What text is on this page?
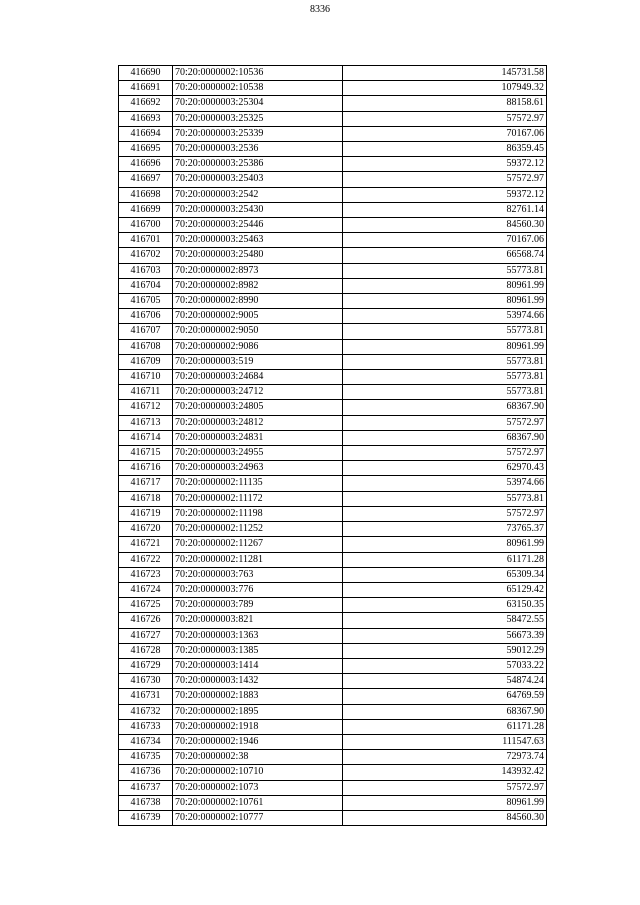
8336
416690	70:20:0000002:10536	145731.58
416691	70:20:0000002:10538	107949.32
416692	70:20:0000003:25304	88158.61
416693	70:20:0000003:25325	57572.97
416694	70:20:0000003:25339	70167.06
416695	70:20:0000003:2536	86359.45
416696	70:20:0000003:25386	59372.12
416697	70:20:0000003:25403	57572.97
416698	70:20:0000003:2542	59372.12
416699	70:20:0000003:25430	82761.14
416700	70:20:0000003:25446	84560.30
416701	70:20:0000003:25463	70167.06
416702	70:20:0000003:25480	66568.74
416703	70:20:0000002:8973	55773.81
416704	70:20:0000002:8982	80961.99
416705	70:20:0000002:8990	80961.99
416706	70:20:0000002:9005	53974.66
416707	70:20:0000002:9050	55773.81
416708	70:20:0000002:9086	80961.99
416709	70:20:0000003:519	55773.81
416710	70:20:0000003:24684	55773.81
416711	70:20:0000003:24712	55773.81
416712	70:20:0000003:24805	68367.90
416713	70:20:0000003:24812	57572.97
416714	70:20:0000003:24831	68367.90
416715	70:20:0000003:24955	57572.97
416716	70:20:0000003:24963	62970.43
416717	70:20:0000002:11135	53974.66
416718	70:20:0000002:11172	55773.81
416719	70:20:0000002:11198	57572.97
416720	70:20:0000002:11252	73765.37
416721	70:20:0000002:11267	80961.99
416722	70:20:0000002:11281	61171.28
416723	70:20:0000003:763	65309.34
416724	70:20:0000003:776	65129.42
416725	70:20:0000003:789	63150.35
416726	70:20:0000003:821	58472.55
416727	70:20:0000003:1363	56673.39
416728	70:20:0000003:1385	59012.29
416729	70:20:0000003:1414	57033.22
416730	70:20:0000003:1432	54874.24
416731	70:20:0000002:1883	64769.59
416732	70:20:0000002:1895	68367.90
416733	70:20:0000002:1918	61171.28
416734	70:20:0000002:1946	111547.63
416735	70:20:0000002:38	72973.74
416736	70:20:0000002:10710	143932.42
416737	70:20:0000002:1073	57572.97
416738	70:20:0000002:10761	80961.99
416739	70:20:0000002:10777	84560.30
